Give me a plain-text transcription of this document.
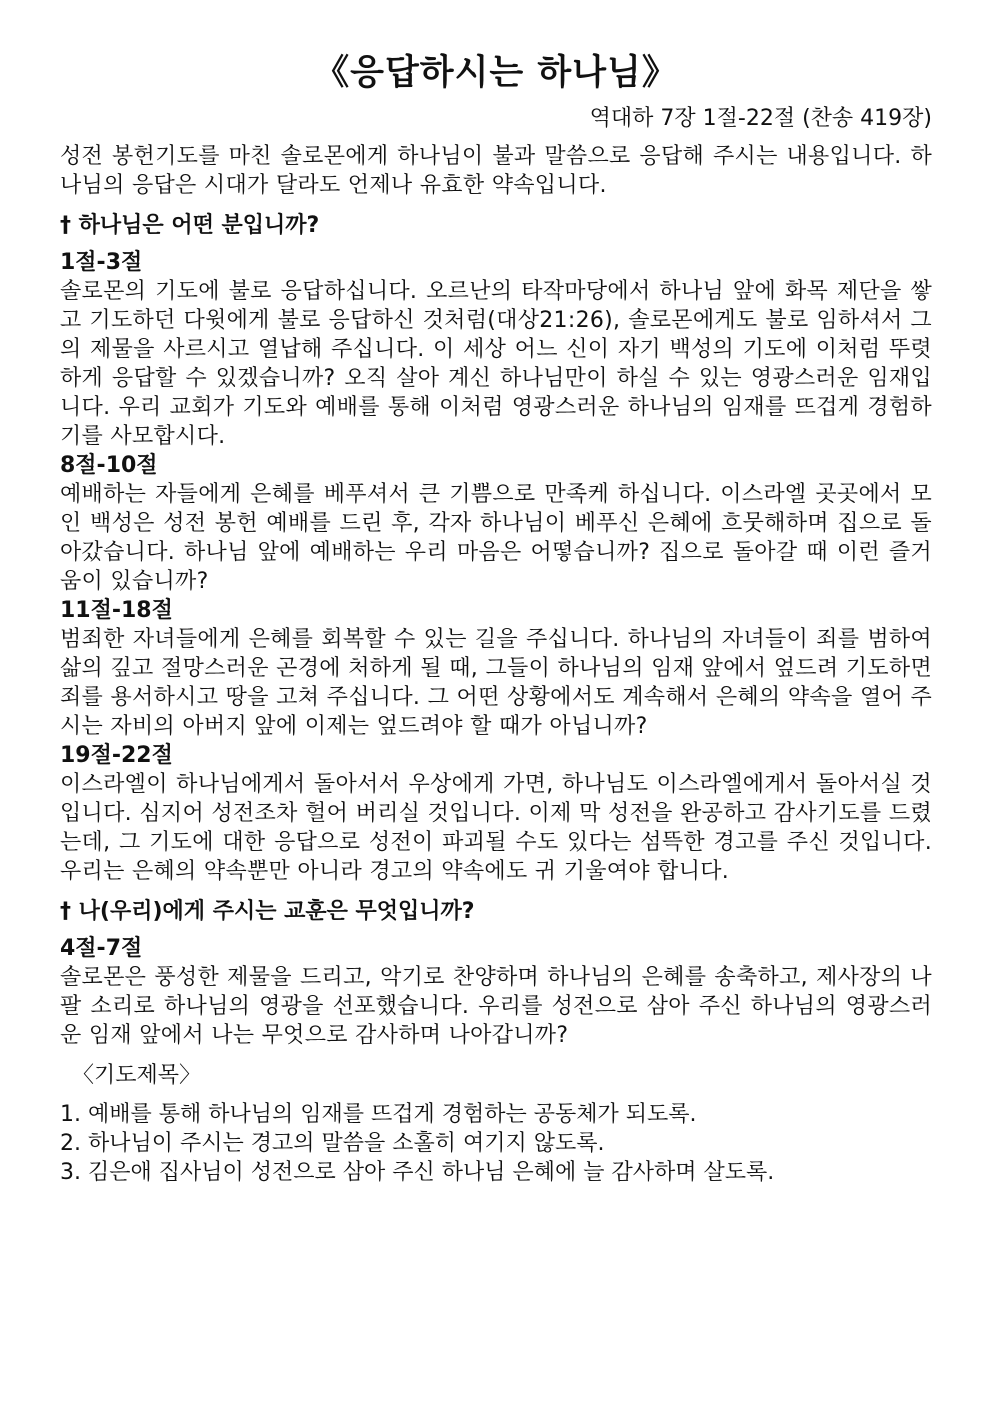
《응답하시는 하나님》

역대하 7장 1절-22절 (찬송 419장)

성전 봉헌기도를 마친 솔로몬에게 하나님이 불과 말씀으로 응답해 주시는 내용입니다. 하나님의 응답은 시대가 달라도 언제나 유효한 약속입니다.

† 하나님은 어떤 분입니까?
1절-3절

솔로몬의 기도에 불로 응답하십니다. 오르난의 타작마당에서 하나님 앞에 화목 제단을 쌓고 기도하던 다윗에게 불로 응답하신 것처럼(대상21:26), 솔로몬에게도 불로 임하셔서 그의 제물을 사르시고 열납해 주십니다. 이 세상 어느 신이 자기 백성의 기도에 이처럼 뚜렷하게 응답할 수 있겠습니까? 오직 살아 계신 하나님만이 하실 수 있는 영광스러운 임재입니다. 우리 교회가 기도와 예배를 통해 이처럼 영광스러운 하나님의 임재를 뜨겁게 경험하기를 사모합시다.

8절-10절

예배하는 자들에게 은혜를 베푸셔서 큰 기쁨으로 만족케 하십니다. 이스라엘 곳곳에서 모인 백성은 성전 봉헌 예배를 드린 후, 각자 하나님이 베푸신 은혜에 흐뭇해하며 집으로 돌아갔습니다. 하나님 앞에 예배하는 우리 마음은 어떻습니까? 집으로 돌아갈 때 이런 즐거움이 있습니까?

11절-18절

범죄한 자녀들에게 은혜를 회복할 수 있는 길을 주십니다. 하나님의 자녀들이 죄를 범하여 삶의 깊고 절망스러운 곤경에 처하게 될 때, 그들이 하나님의 임재 앞에서 엎드려 기도하면 죄를 용서하시고 땅을 고쳐 주십니다. 그 어떤 상황에서도 계속해서 은혜의 약속을 열어 주시는 자비의 아버지 앞에 이제는 엎드려야 할 때가 아닙니까?

19절-22절

이스라엘이 하나님에게서 돌아서서 우상에게 가면, 하나님도 이스라엘에게서 돌아서실 것입니다. 심지어 성전조차 헐어 버리실 것입니다. 이제 막 성전을 완공하고 감사기도를 드렸는데, 그 기도에 대한 응답으로 성전이 파괴될 수도 있다는 섬뜩한 경고를 주신 것입니다. 우리는 은혜의 약속뿐만 아니라 경고의 약속에도 귀 기울여야 합니다.

† 나(우리)에게 주시는 교훈은 무엇입니까?
4절-7절

솔로몬은 풍성한 제물을 드리고, 악기로 찬양하며 하나님의 은혜를 송축하고, 제사장의 나팔 소리로 하나님의 영광을 선포했습니다. 우리를 성전으로 삼아 주신 하나님의 영광스러운 임재 앞에서 나는 무엇으로 감사하며 나아갑니까?

〈기도제목〉
1. 예배를 통해 하나님의 임재를 뜨겁게 경험하는 공동체가 되도록.
2. 하나님이 주시는 경고의 말씀을 소홀히 여기지 않도록.
3. 김은애 집사님이 성전으로 삼아 주신 하나님 은혜에 늘 감사하며 살도록.
